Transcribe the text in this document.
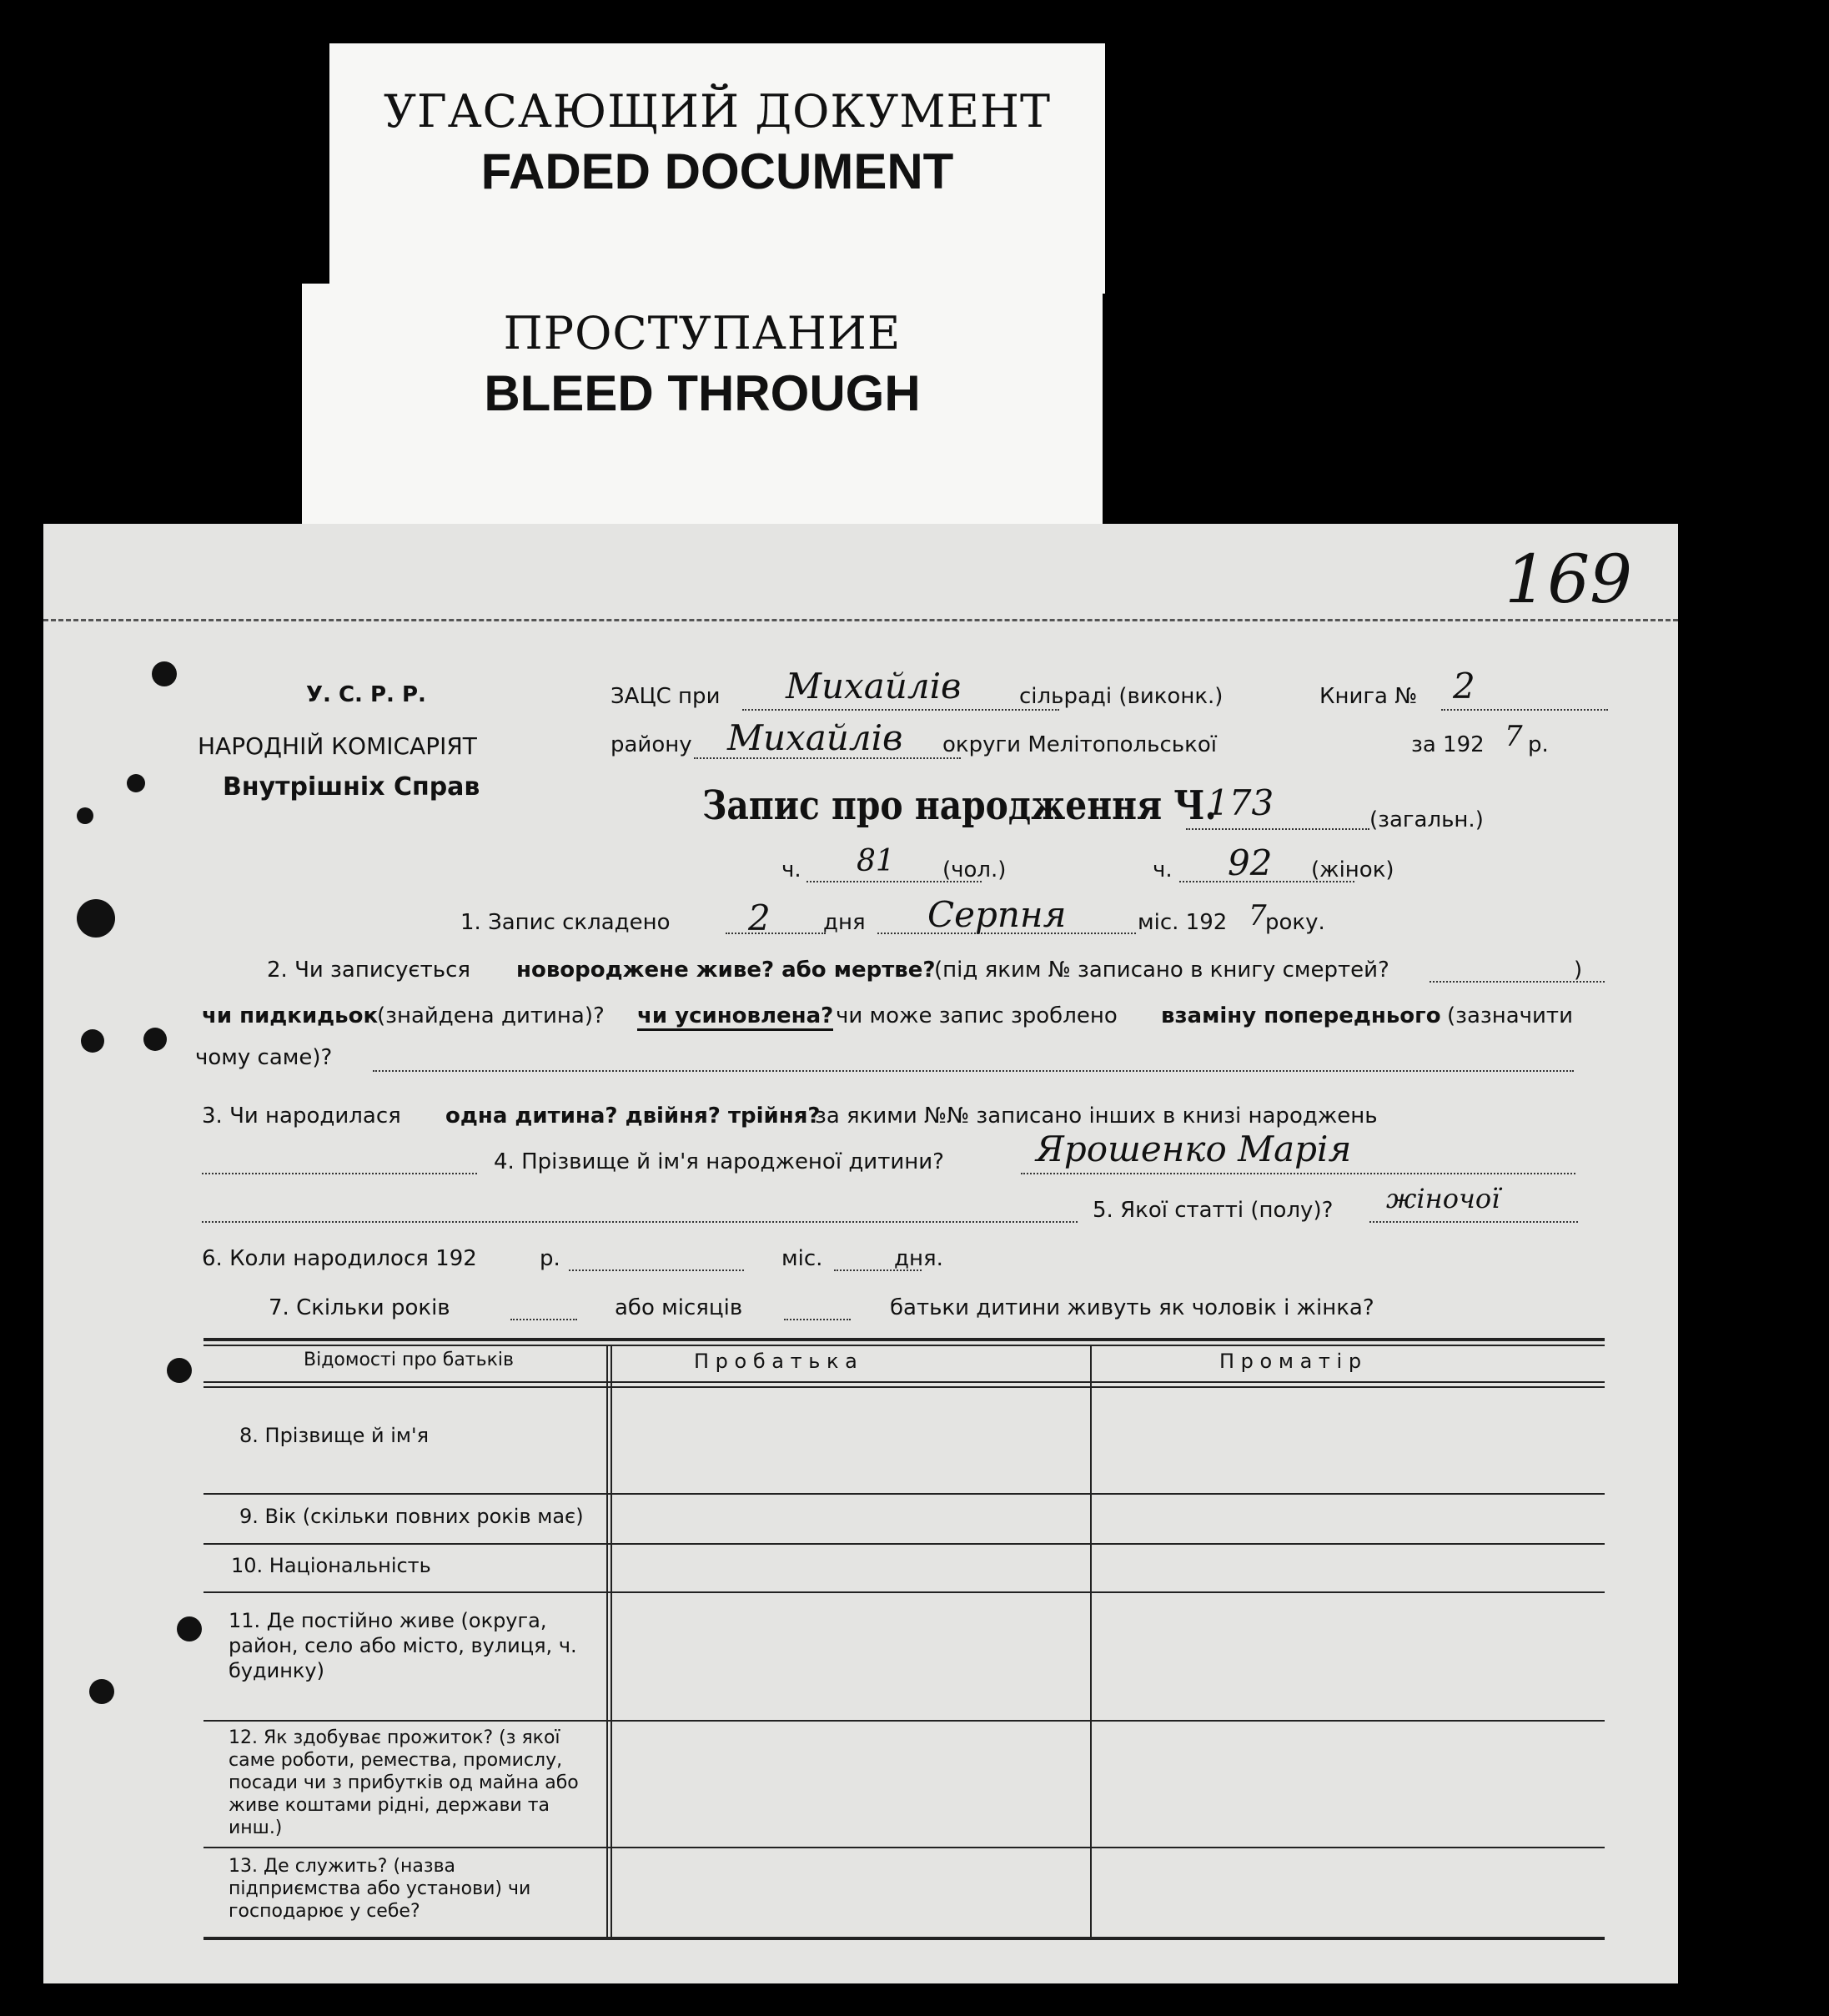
УГАСАЮЩИЙ ДОКУМЕНТ
FADED DOCUMENT
ПРОСТУПАНИЕ
BLEED THROUGH
169
У. С. Р. Р.
НАРОДНІЙ КОМІСАРІЯТ
Внутрішніх Справ
ЗАЦС при Михайлів	сільраді (виконк.)
району Михайлів округи Мелітопольської
Книга № 2
за 192 7 р.
Запис про народження Ч.
173	(загальн.)
ч. 81 (чол.)	ч. 92 (жінок)
1. Запис складено 2 дня Серпня	міс. 192 7
року.
2. Чи записується новороджене живе? або мертве?
(під яким № записано в книгу смертей?	)
чи пидкидьок
(знайдена дитина)? чи усиновлена? чи може запис зроблено взаміну попереднього (зазначити
чому саме)?
3. Чи народилася одна дитина? двійня? трійня?
за якими №№ записано інших в книзі народжень
4. Прізвище й ім'я народженої дитини?	Ярошенко Марія
5. Якої статті (полу)? жіночої
6. Коли народилося 192	р.	міс.	дня.
7. Скільки років	або місяців	батьки дитини живуть як чоловік і жінка?
Відомості про батьків	П р о б а т ь к а	П р о м а т і р
8. Прізвище й ім'я
9. Вік (скільки повних років має)
10. Національність
11. Де постійно живе (округа, район, село або місто, вулиця, ч. будинку)
12. Як здобуває прожиток? (з якої саме роботи, ремества, промислу, посади чи з прибутків од майна або живе коштами рідні, держави та инш.)
13. Де служить? (назва підприємства або установи) чи господарює у себе?
